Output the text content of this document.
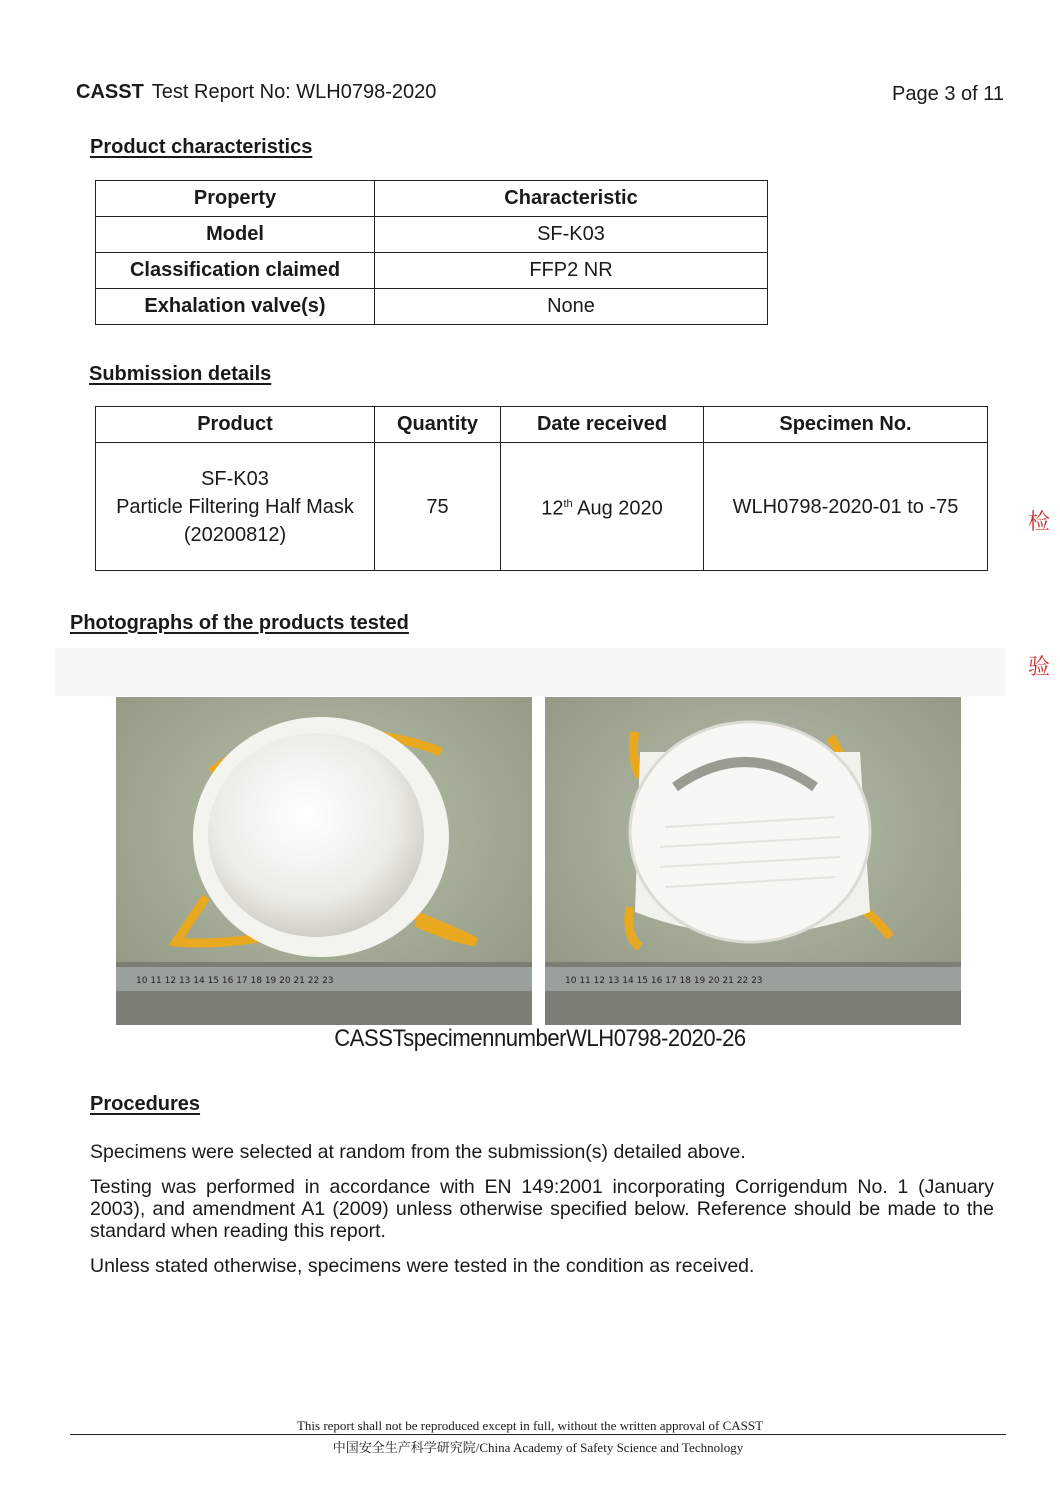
CASST Test Report No: WLH0798-2020	Page 3 of 11
Product characteristics
Property	Characteristic
Model	SF-K03
Classification claimed	FFP2 NR
Exhalation valve(s)	None
Submission details
Product	Quantity	Date received	Specimen No.

SF-K03
Particle Filtering Half Mask
(20200812)	75	12th Aug 2020	WLH0798-2020-01 to -75
Photographs of the products tested
10 11 12 13 14 15 16 17 18 19 20 21 22 23	10 11 12 13 14 15 16 17 18 19 20 21 22 23
CASSTspecimennumberWLH0798-2020-26
Procedures
Specimens were selected at random from the submission(s) detailed above.
Testing was performed in accordance with EN 149:2001 incorporating Corrigendum No. 1 (January 2003), and amendment A1 (2009) unless otherwise specified below. Reference should be made to the standard when reading this report.
Unless stated otherwise, specimens were tested in the condition as received.
检
验
This report shall not be reproduced except in full, without the written approval of CASST
中国安全生产科学研究院/China Academy of Safety Science and Technology
